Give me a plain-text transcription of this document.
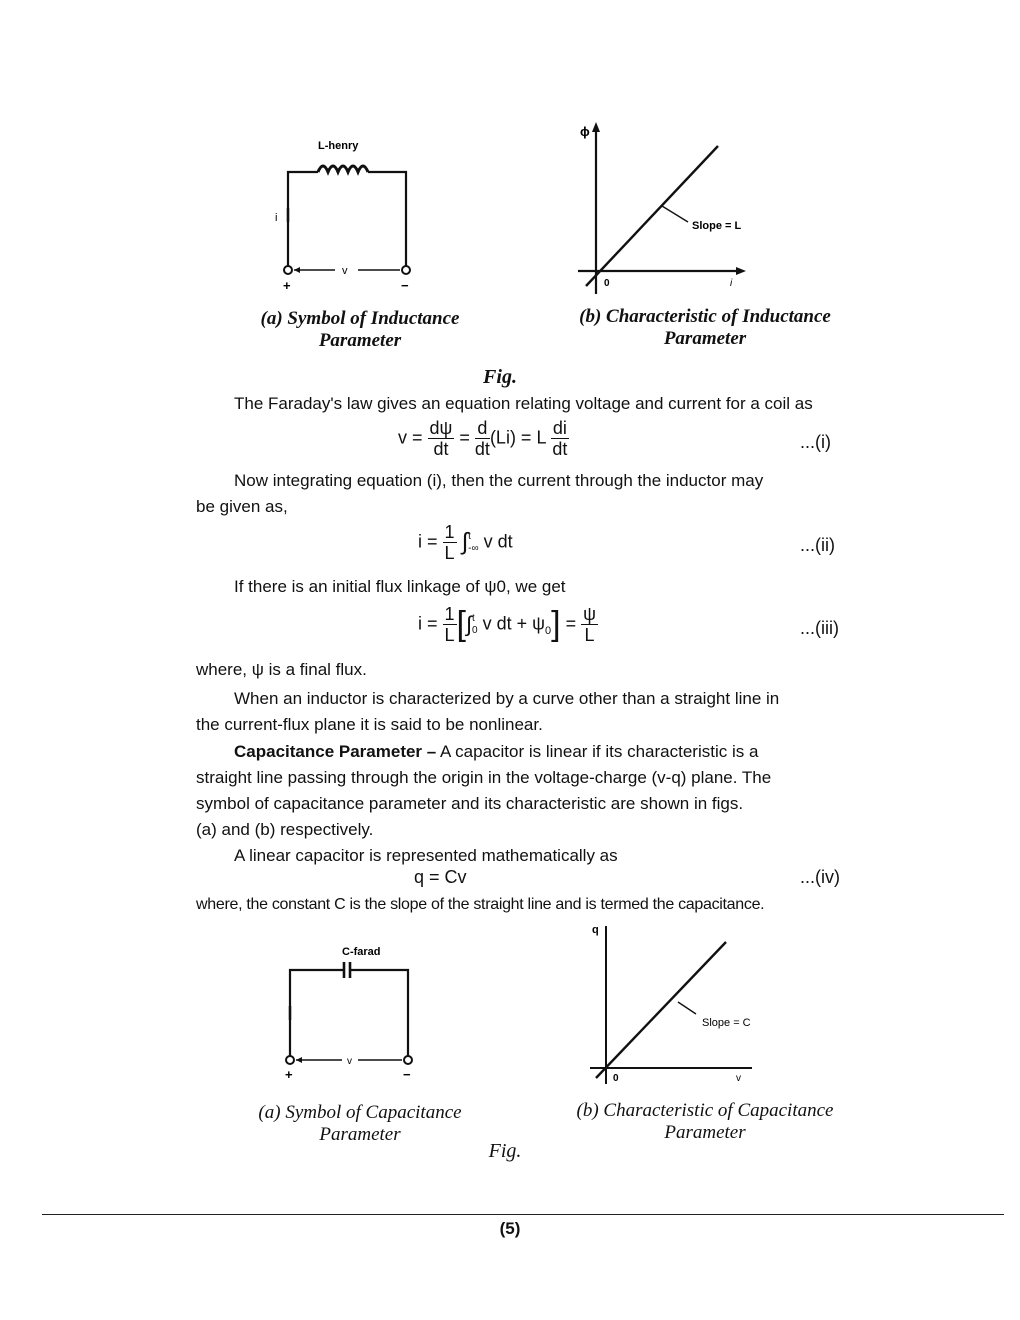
L-henry
i
v
+	−
ϕ
0	i
Slope = L
(a) Symbol of Inductance
Parameter
(b) Characteristic of Inductance
Parameter
Fig.
The Faraday's law gives an equation relating voltage and current for a coil as
$v = \frac{d\psi}{dt} = \frac{d}{dt} (Li) = L \frac{di}{dt}$	...(i)
Now integrating equation (i), then the current through the inductor may
be given as,
$i = \frac{1}{L}$ ∫ t
-∞ v dt	...(ii)
If there is an initial flux linkage of ψ0, we get
$i = \frac{1}{L}$ [∫ t
0 v dt + $\psi_0] = \frac{\psi}{L}$	...(iii)
where, ψ is a final flux.
When an inductor is characterized by a curve other than a straight line in
the current-flux plane it is said to be nonlinear.
Capacitance Parameter – A capacitor is linear if its characteristic is a
straight line passing through the origin in the voltage-charge (v-q) plane. The
symbol of capacitance parameter and its characteristic are shown in figs.
(a) and (b) respectively.
A linear capacitor is represented mathematically as
q = Cv	...(iv)
where, the constant C is the slope of the straight line and is termed the capacitance.
C-farad
v
+	−
q
0	v
Slope = C
(a) Symbol of Capacitance
Parameter
(b) Characteristic of Capacitance
Parameter
Fig.
(5)
